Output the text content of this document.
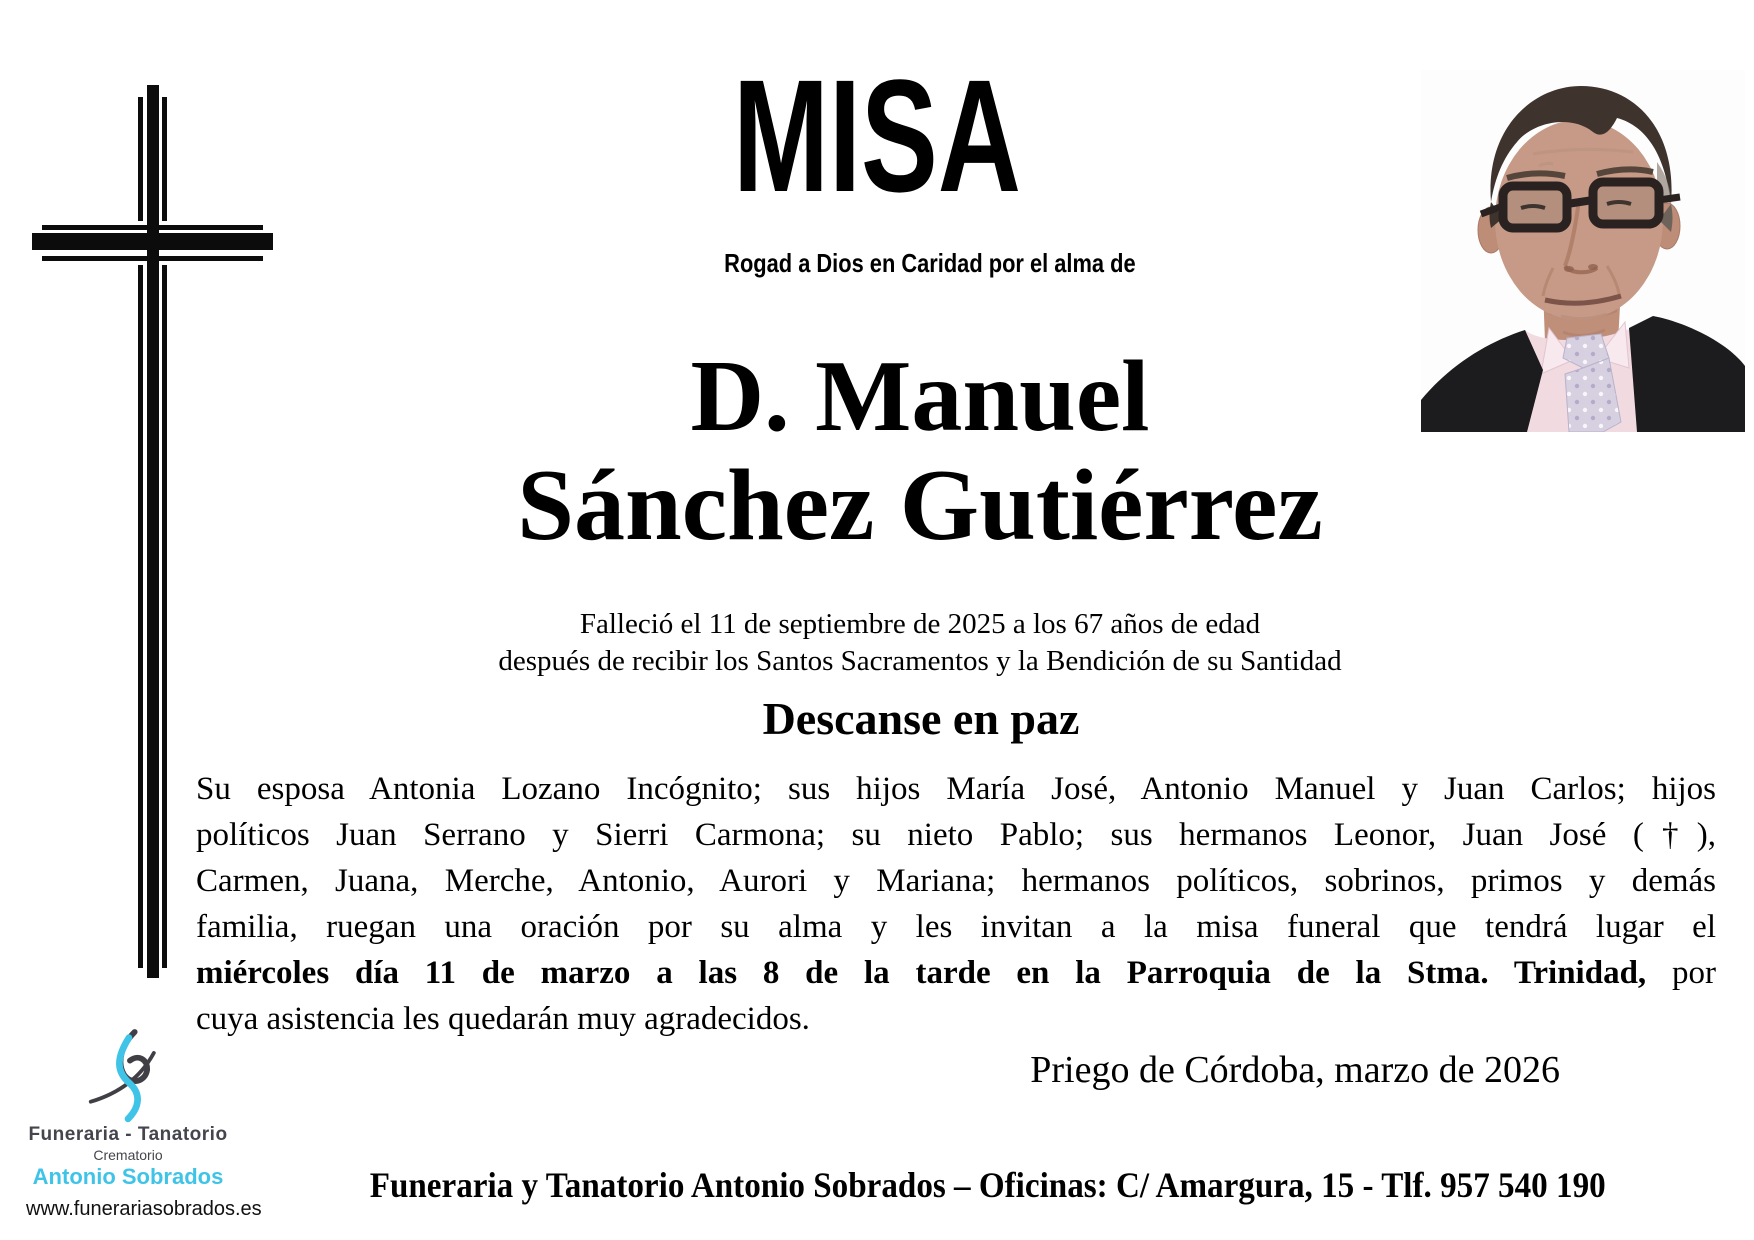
MISA
Rogad a Dios en Caridad por el alma de
D. Manuel
Sánchez Gutiérrez
Falleció el 11 de septiembre de 2025 a los 67 años de edad
después de recibir los Santos Sacramentos y la Bendición de su Santidad
Descanse en paz
Su esposa Antonia Lozano Incógnito; sus hijos María José, Antonio Manuel y Juan Carlos; hijos
políticos Juan Serrano y Sierri Carmona; su nieto Pablo; sus hermanos Leonor, Juan José (†),
Carmen, Juana, Merche, Antonio, Aurori y Mariana; hermanos políticos, sobrinos, primos y demás
familia, ruegan una oración por su alma y les invitan a la misa funeral que tendrá lugar el
miércoles día 11 de marzo a las 8 de la tarde en la Parroquia de la Stma. Trinidad, por
cuya asistencia les quedarán muy agradecidos.
Priego de Córdoba, marzo de 2026
Funeraria y Tanatorio Antonio Sobrados – Oficinas: C/ Amargura, 15 - Tlf. 957 540 190
Funeraria - Tanatorio
Crematorio
Antonio Sobrados
www.funerariasobrados.es
